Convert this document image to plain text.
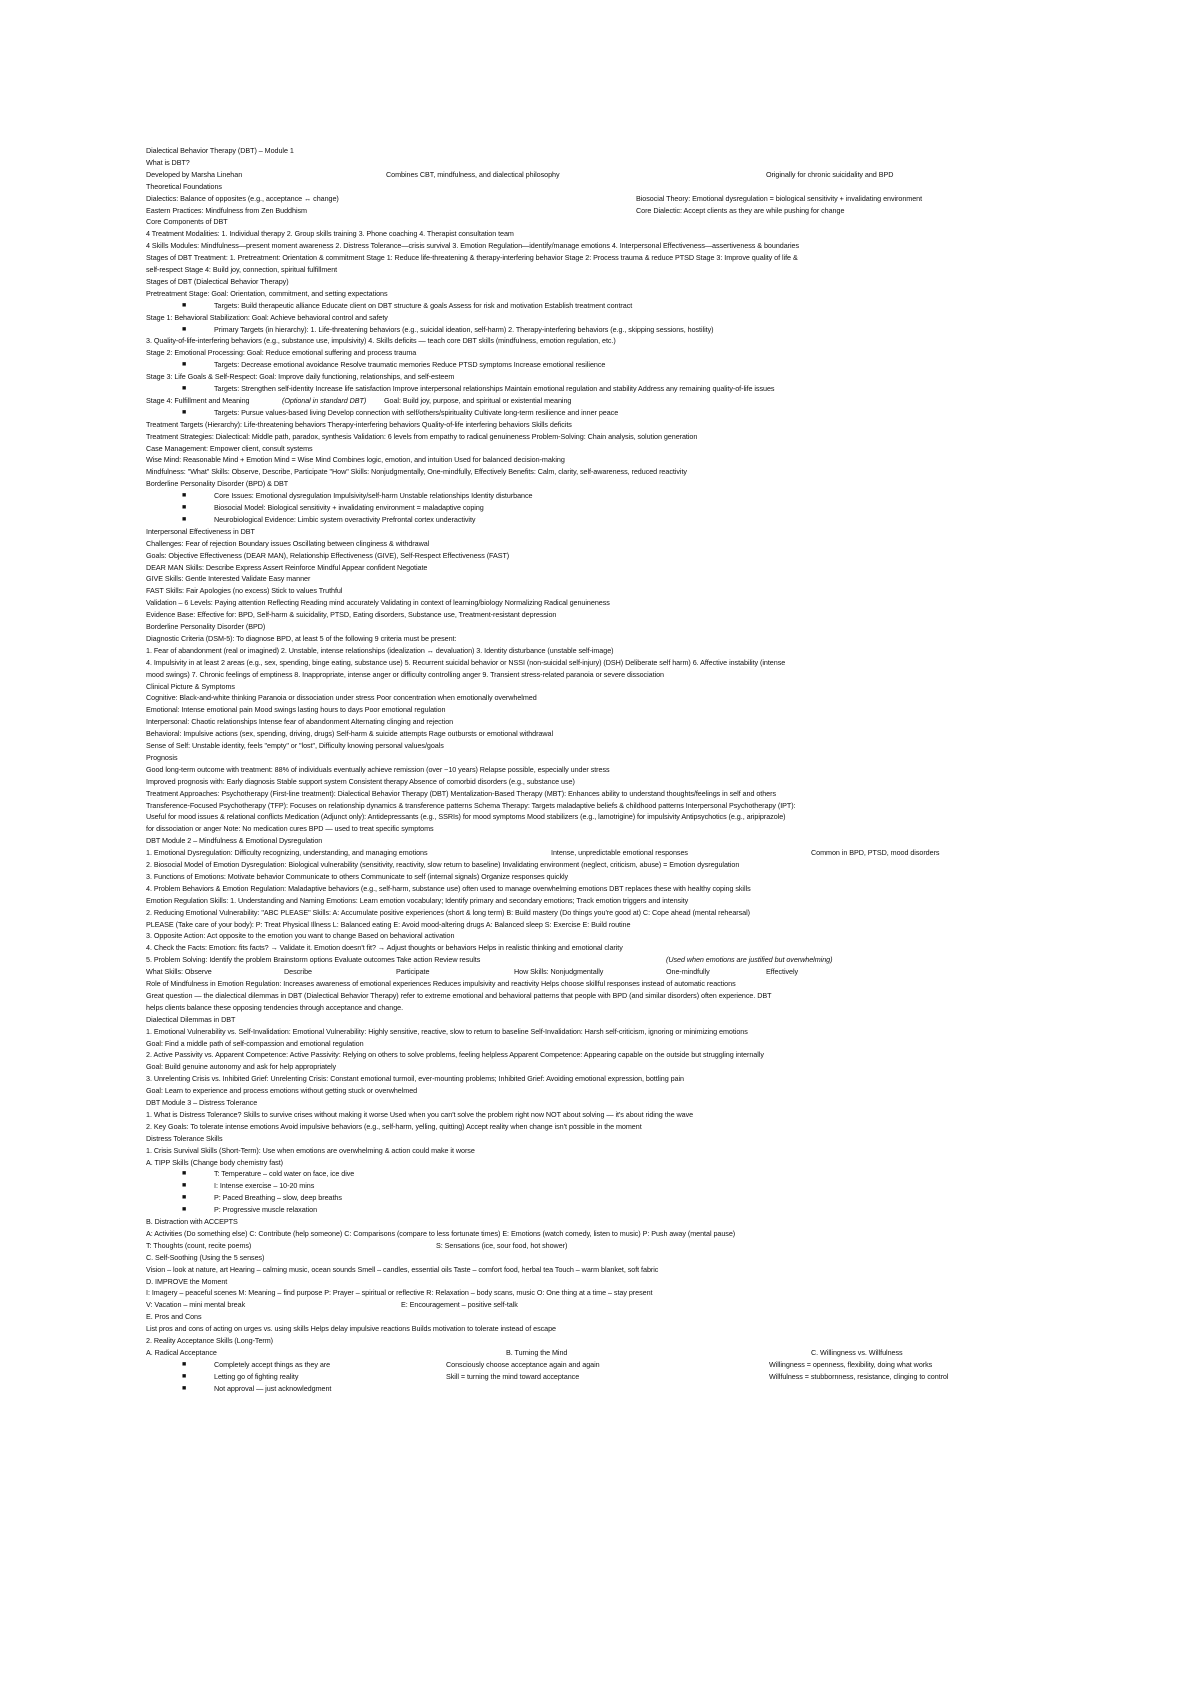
Dialectical Behavior Therapy (DBT) – Module 1
What is DBT?
Developed by Marsha Linehan	Combines CBT, mindfulness, and dialectical philosophy	Originally for chronic suicidality and BPD
Theoretical Foundations
Dialectics: Balance of opposites (e.g., acceptance ↔ change)	Biosocial Theory: Emotional dysregulation = biological sensitivity + invalidating environment
Eastern Practices: Mindfulness from Zen Buddhism	Core Dialectic: Accept clients as they are while pushing for change
Core Components of DBT
4 Treatment Modalities: 1. Individual therapy 2. Group skills training 3. Phone coaching 4. Therapist consultation team
4 Skills Modules: Mindfulness—present moment awareness 2. Distress Tolerance—crisis survival 3. Emotion Regulation—identify/manage emotions 4. Interpersonal Effectiveness—assertiveness & boundaries
Stages of DBT Treatment: 1. Pretreatment: Orientation & commitment Stage 1: Reduce life-threatening & therapy-interfering behavior Stage 2: Process trauma & reduce PTSD Stage 3: Improve quality of life &
self-respect Stage 4: Build joy, connection, spiritual fulfillment
Stages of DBT (Dialectical Behavior Therapy)
Pretreatment Stage: Goal: Orientation, commitment, and setting expectations
■	Targets: Build therapeutic alliance Educate client on DBT structure & goals Assess for risk and motivation Establish treatment contract
Stage 1: Behavioral Stabilization: Goal: Achieve behavioral control and safety
■	Primary Targets (in hierarchy): 1. Life-threatening behaviors (e.g., suicidal ideation, self-harm) 2. Therapy-interfering behaviors (e.g., skipping sessions, hostility)
3. Quality-of-life-interfering behaviors (e.g., substance use, impulsivity) 4. Skills deficits — teach core DBT skills (mindfulness, emotion regulation, etc.)
Stage 2: Emotional Processing: Goal: Reduce emotional suffering and process trauma
■	Targets: Decrease emotional avoidance Resolve traumatic memories Reduce PTSD symptoms Increase emotional resilience
Stage 3: Life Goals & Self-Respect: Goal: Improve daily functioning, relationships, and self-esteem
■	Targets: Strengthen self-identity Increase life satisfaction Improve interpersonal relationships Maintain emotional regulation and stability Address any remaining quality-of-life issues
Stage 4: Fulfillment and Meaning	(Optional in standard DBT) Goal: Build joy, purpose, and spiritual or existential meaning
■	Targets: Pursue values-based living Develop connection with self/others/spirituality Cultivate long-term resilience and inner peace
Treatment Targets (Hierarchy): Life-threatening behaviors Therapy-interfering behaviors Quality-of-life interfering behaviors Skills deficits
Treatment Strategies: Dialectical: Middle path, paradox, synthesis Validation: 6 levels from empathy to radical genuineness Problem-Solving: Chain analysis, solution generation
Case Management: Empower client, consult systems
Wise Mind: Reasonable Mind + Emotion Mind = Wise Mind Combines logic, emotion, and intuition Used for balanced decision-making
Mindfulness: "What" Skills: Observe, Describe, Participate "How" Skills: Nonjudgmentally, One-mindfully, Effectively Benefits: Calm, clarity, self-awareness, reduced reactivity
Borderline Personality Disorder (BPD) & DBT
■	Core Issues: Emotional dysregulation Impulsivity/self-harm Unstable relationships Identity disturbance
■	Biosocial Model: Biological sensitivity + invalidating environment = maladaptive coping
■	Neurobiological Evidence: Limbic system overactivity Prefrontal cortex underactivity
Interpersonal Effectiveness in DBT
Challenges: Fear of rejection Boundary issues Oscillating between clinginess & withdrawal
Goals: Objective Effectiveness (DEAR MAN), Relationship Effectiveness (GIVE), Self-Respect Effectiveness (FAST)
DEAR MAN Skills: Describe Express Assert Reinforce Mindful Appear confident Negotiate
GIVE Skills: Gentle Interested Validate Easy manner
FAST Skills: Fair Apologies (no excess) Stick to values Truthful
Validation – 6 Levels: Paying attention Reflecting Reading mind accurately Validating in context of learning/biology Normalizing Radical genuineness
Evidence Base: Effective for: BPD, Self-harm & suicidality, PTSD, Eating disorders, Substance use, Treatment-resistant depression
Borderline Personality Disorder (BPD)
Diagnostic Criteria (DSM-5): To diagnose BPD, at least 5 of the following 9 criteria must be present:
1. Fear of abandonment (real or imagined) 2. Unstable, intense relationships (idealization ↔ devaluation) 3. Identity disturbance (unstable self-image)
4. Impulsivity in at least 2 areas (e.g., sex, spending, binge eating, substance use) 5. Recurrent suicidal behavior or NSSI (non-suicidal self-injury) (DSH) Deliberate self harm) 6. Affective instability (intense
mood swings) 7. Chronic feelings of emptiness 8. Inappropriate, intense anger or difficulty controlling anger 9. Transient stress-related paranoia or severe dissociation
Clinical Picture & Symptoms
Cognitive: Black-and-white thinking Paranoia or dissociation under stress Poor concentration when emotionally overwhelmed
Emotional: Intense emotional pain Mood swings lasting hours to days Poor emotional regulation
Interpersonal: Chaotic relationships Intense fear of abandonment Alternating clinging and rejection
Behavioral: Impulsive actions (sex, spending, driving, drugs) Self-harm & suicide attempts Rage outbursts or emotional withdrawal
Sense of Self: Unstable identity, feels "empty" or "lost", Difficulty knowing personal values/goals
Prognosis
Good long-term outcome with treatment: 88% of individuals eventually achieve remission (over ~10 years) Relapse possible, especially under stress
Improved prognosis with: Early diagnosis Stable support system Consistent therapy Absence of comorbid disorders (e.g., substance use)
Treatment Approaches: Psychotherapy (First-line treatment): Dialectical Behavior Therapy (DBT) Mentalization-Based Therapy (MBT): Enhances ability to understand thoughts/feelings in self and others
Transference-Focused Psychotherapy (TFP): Focuses on relationship dynamics & transference patterns Schema Therapy: Targets maladaptive beliefs & childhood patterns Interpersonal Psychotherapy (IPT):
Useful for mood issues & relational conflicts Medication (Adjunct only): Antidepressants (e.g., SSRIs) for mood symptoms Mood stabilizers (e.g., lamotrigine) for impulsivity Antipsychotics (e.g., aripiprazole)
for dissociation or anger Note: No medication cures BPD — used to treat specific symptoms
DBT Module 2 – Mindfulness & Emotional Dysregulation
1. Emotional Dysregulation: Difficulty recognizing, understanding, and managing emotions	Intense, unpredictable emotional responses	Common in BPD, PTSD, mood disorders
2. Biosocial Model of Emotion Dysregulation: Biological vulnerability (sensitivity, reactivity, slow return to baseline) Invalidating environment (neglect, criticism, abuse) = Emotion dysregulation
3. Functions of Emotions: Motivate behavior Communicate to others Communicate to self (internal signals) Organize responses quickly
4. Problem Behaviors & Emotion Regulation: Maladaptive behaviors (e.g., self-harm, substance use) often used to manage overwhelming emotions DBT replaces these with healthy coping skills
Emotion Regulation Skills: 1. Understanding and Naming Emotions: Learn emotion vocabulary; Identify primary and secondary emotions; Track emotion triggers and intensity
2. Reducing Emotional Vulnerability: "ABC PLEASE" Skills: A: Accumulate positive experiences (short & long term) B: Build mastery (Do things you're good at) C: Cope ahead (mental rehearsal)
PLEASE (Take care of your body): P: Treat Physical Illness L: Balanced eating E: Avoid mood-altering drugs A: Balanced sleep S: Exercise E: Build routine
3. Opposite Action: Act opposite to the emotion you want to change Based on behavioral activation
4. Check the Facts: Emotion: fits facts? → Validate it. Emotion doesn't fit? → Adjust thoughts or behaviors Helps in realistic thinking and emotional clarity
5. Problem Solving: Identify the problem Brainstorm options Evaluate outcomes Take action Review results	(Used when emotions are justified but overwhelming)
What Skills: Observe	Describe	Participate	How Skills: Nonjudgmentally	One-mindfully	Effectively
Role of Mindfulness in Emotion Regulation: Increases awareness of emotional experiences Reduces impulsivity and reactivity Helps choose skillful responses instead of automatic reactions
Great question — the dialectical dilemmas in DBT (Dialectical Behavior Therapy) refer to extreme emotional and behavioral patterns that people with BPD (and similar disorders) often experience. DBT
helps clients balance these opposing tendencies through acceptance and change.
Dialectical Dilemmas in DBT
1. Emotional Vulnerability vs. Self-Invalidation: Emotional Vulnerability: Highly sensitive, reactive, slow to return to baseline Self-Invalidation: Harsh self-criticism, ignoring or minimizing emotions
Goal: Find a middle path of self-compassion and emotional regulation
2. Active Passivity vs. Apparent Competence: Active Passivity: Relying on others to solve problems, feeling helpless Apparent Competence: Appearing capable on the outside but struggling internally
Goal: Build genuine autonomy and ask for help appropriately
3. Unrelenting Crisis vs. Inhibited Grief: Unrelenting Crisis: Constant emotional turmoil, ever-mounting problems; Inhibited Grief: Avoiding emotional expression, bottling pain
Goal: Learn to experience and process emotions without getting stuck or overwhelmed
DBT Module 3 – Distress Tolerance
1. What is Distress Tolerance? Skills to survive crises without making it worse Used when you can't solve the problem right now NOT about solving — it's about riding the wave
2. Key Goals: To tolerate intense emotions Avoid impulsive behaviors (e.g., self-harm, yelling, quitting) Accept reality when change isn't possible in the moment
Distress Tolerance Skills
1. Crisis Survival Skills (Short-Term): Use when emotions are overwhelming & action could make it worse
A. TIPP Skills (Change body chemistry fast)
■	T: Temperature – cold water on face, ice dive
■	I: Intense exercise – 10-20 mins
■	P: Paced Breathing – slow, deep breaths
■	P: Progressive muscle relaxation
B. Distraction with ACCEPTS
A: Activities (Do something else) C: Contribute (help someone) C: Comparisons (compare to less fortunate times) E: Emotions (watch comedy, listen to music) P: Push away (mental pause)
T: Thoughts (count, recite poems)	S: Sensations (ice, sour food, hot shower)
C. Self-Soothing (Using the 5 senses)
Vision – look at nature, art Hearing – calming music, ocean sounds Smell – candles, essential oils Taste – comfort food, herbal tea Touch – warm blanket, soft fabric
D. IMPROVE the Moment
I: Imagery – peaceful scenes M: Meaning – find purpose P: Prayer – spiritual or reflective R: Relaxation – body scans, music O: One thing at a time – stay present
V: Vacation – mini mental break	E: Encouragement – positive self-talk
E. Pros and Cons
List pros and cons of acting on urges vs. using skills Helps delay impulsive reactions Builds motivation to tolerate instead of escape
2. Reality Acceptance Skills (Long-Term)
A. Radical Acceptance	B. Turning the Mind	C. Willingness vs. Willfulness
■	Completely accept things as they are	Consciously choose acceptance again and again	Willingness = openness, flexibility, doing what works
■	Letting go of fighting reality	Skill = turning the mind toward acceptance	Willfulness = stubbornness, resistance, clinging to control
■	Not approval — just acknowledgment
